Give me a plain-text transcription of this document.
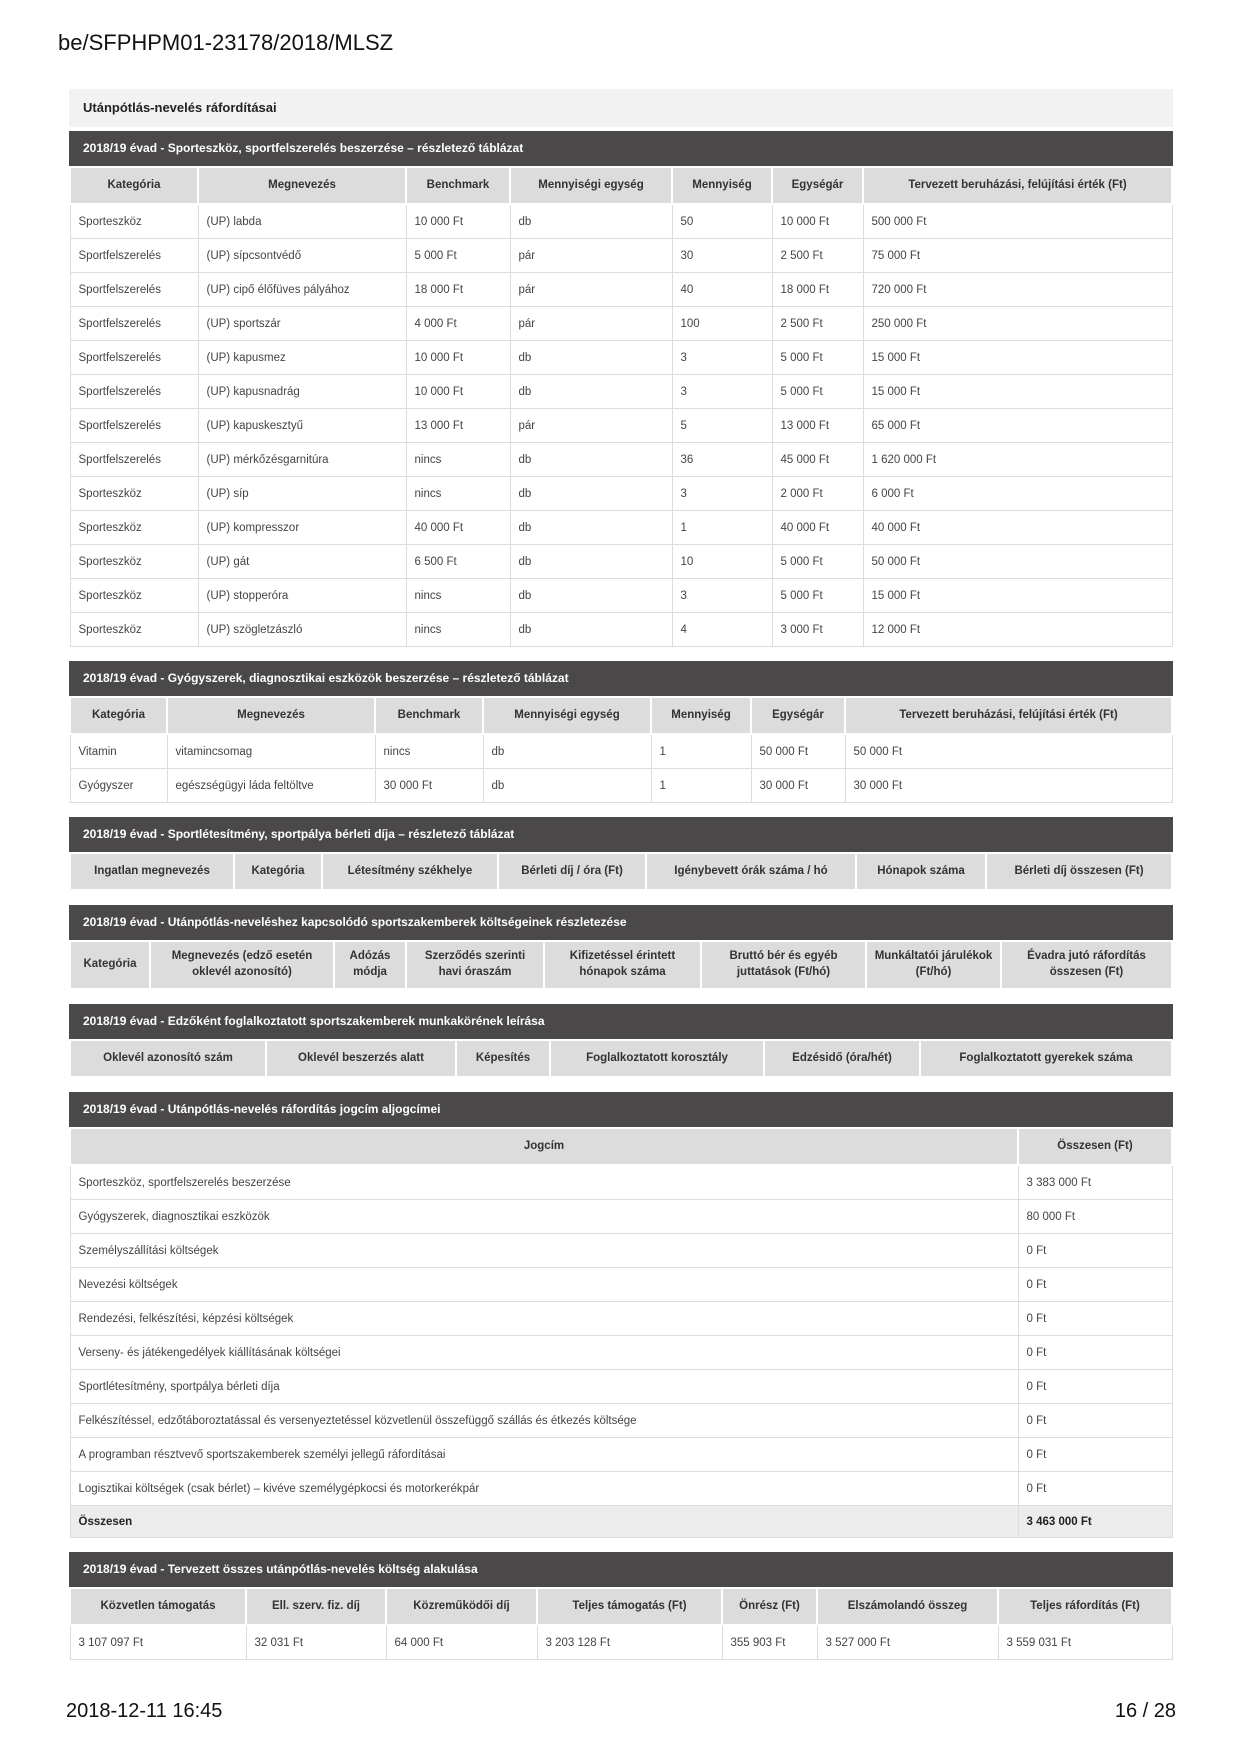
be/SFPHPM01-23178/2018/MLSZ
Utánpótlás-nevelés ráfordításai
2018/19 évad - Sporteszköz, sportfelszerelés beszerzése – részletező táblázat
Kategória	Megnevezés	Benchmark	Mennyiségi egység	Mennyiség	Egységár	Tervezett beruházási, felújítási érték (Ft)
Sporteszköz	(UP) labda	10 000 Ft	db	50	10 000 Ft	500 000 Ft
Sportfelszerelés	(UP) sípcsontvédő	5 000 Ft	pár	30	2 500 Ft	75 000 Ft
Sportfelszerelés	(UP) cipő élőfüves pályához	18 000 Ft	pár	40	18 000 Ft	720 000 Ft
Sportfelszerelés	(UP) sportszár	4 000 Ft	pár	100	2 500 Ft	250 000 Ft
Sportfelszerelés	(UP) kapusmez	10 000 Ft	db	3	5 000 Ft	15 000 Ft
Sportfelszerelés	(UP) kapusnadrág	10 000 Ft	db	3	5 000 Ft	15 000 Ft
Sportfelszerelés	(UP) kapuskesztyű	13 000 Ft	pár	5	13 000 Ft	65 000 Ft
Sportfelszerelés	(UP) mérkőzésgarnitúra	nincs	db	36	45 000 Ft	1 620 000 Ft
Sporteszköz	(UP) síp	nincs	db	3	2 000 Ft	6 000 Ft
Sporteszköz	(UP) kompresszor	40 000 Ft	db	1	40 000 Ft	40 000 Ft
Sporteszköz	(UP) gát	6 500 Ft	db	10	5 000 Ft	50 000 Ft
Sporteszköz	(UP) stopperóra	nincs	db	3	5 000 Ft	15 000 Ft
Sporteszköz	(UP) szögletzászló	nincs	db	4	3 000 Ft	12 000 Ft
2018/19 évad - Gyógyszerek, diagnosztikai eszközök beszerzése – részletező táblázat
Kategória	Megnevezés	Benchmark	Mennyiségi egység	Mennyiség	Egységár	Tervezett beruházási, felújítási érték (Ft)
Vitamin	vitamincsomag	nincs	db	1	50 000 Ft	50 000 Ft
Gyógyszer	egészségügyi láda feltöltve	30 000 Ft	db	1	30 000 Ft	30 000 Ft
2018/19 évad - Sportlétesítmény, sportpálya bérleti díja – részletező táblázat
Ingatlan megnevezés	Kategória	Létesítmény székhelye	Bérleti díj / óra (Ft)	Igénybevett órák száma / hó	Hónapok száma	Bérleti díj összesen (Ft)
2018/19 évad - Utánpótlás-neveléshez kapcsolódó sportszakemberek költségeinek részletezése
Kategória	Megnevezés (edző esetén oklevél azonosító)	Adózás módja	Szerződés szerinti havi óraszám	Kifizetéssel érintett hónapok száma	Bruttó bér és egyéb juttatások (Ft/hó)	Munkáltatói járulékok (Ft/hó)	Évadra jutó ráfordítás összesen (Ft)
2018/19 évad - Edzőként foglalkoztatott sportszakemberek munkakörének leírása
Oklevél azonosító szám	Oklevél beszerzés alatt	Képesítés	Foglalkoztatott korosztály	Edzésidő (óra/hét)	Foglalkoztatott gyerekek száma
2018/19 évad - Utánpótlás-nevelés ráfordítás jogcím aljogcímei
Jogcím	Összesen (Ft)
Sporteszköz, sportfelszerelés beszerzése	3 383 000 Ft
Gyógyszerek, diagnosztikai eszközök	80 000 Ft
Személyszállítási költségek	0 Ft
Nevezési költségek	0 Ft
Rendezési, felkészítési, képzési költségek	0 Ft
Verseny- és játékengedélyek kiállításának költségei	0 Ft
Sportlétesítmény, sportpálya bérleti díja	0 Ft
Felkészítéssel, edzőtáboroztatással és versenyeztetéssel közvetlenül összefüggő szállás és étkezés költsége	0 Ft
A programban résztvevő sportszakemberek személyi jellegű ráfordításai	0 Ft
Logisztikai költségek (csak bérlet) – kivéve személygépkocsi és motorkerékpár	0 Ft
Összesen	3 463 000 Ft
2018/19 évad - Tervezett összes utánpótlás-nevelés költség alakulása
Közvetlen támogatás	Ell. szerv. fiz. díj	Közreműködői díj	Teljes támogatás (Ft)	Önrész (Ft)	Elszámolandó összeg	Teljes ráfordítás (Ft)
3 107 097 Ft	32 031 Ft	64 000 Ft	3 203 128 Ft	355 903 Ft	3 527 000 Ft	3 559 031 Ft
2018-12-11 16:45	16 / 28
